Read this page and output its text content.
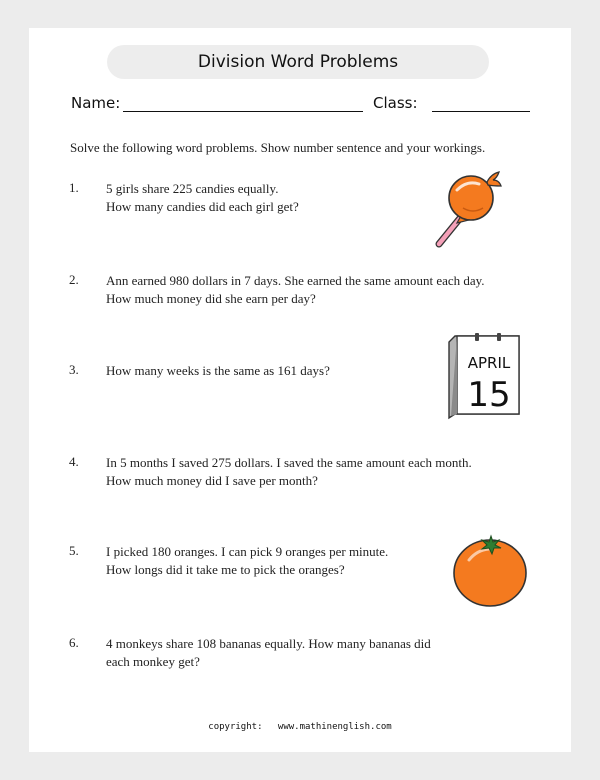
Division Word Problems
Name:	Class:
Solve the following word problems. Show number sentence and your workings.
1.	5 girls share 225 candies equally.
How many candies did each girl get?
2.	Ann earned 980 dollars in 7 days. She earned the same amount each day.
How much money did she earn per day?
3.	How many weeks is the same as 161 days?
4.	In 5 months I saved 275 dollars. I saved the same amount each month.
How much money did I save per month?
5.	I picked 180 oranges. I can pick 9 oranges per minute.
How longs did it take me to pick the oranges?
6.	4 monkeys share 108 bananas equally. How many bananas did
each monkey get?
APRIL
15
copyright: www.mathinenglish.com
